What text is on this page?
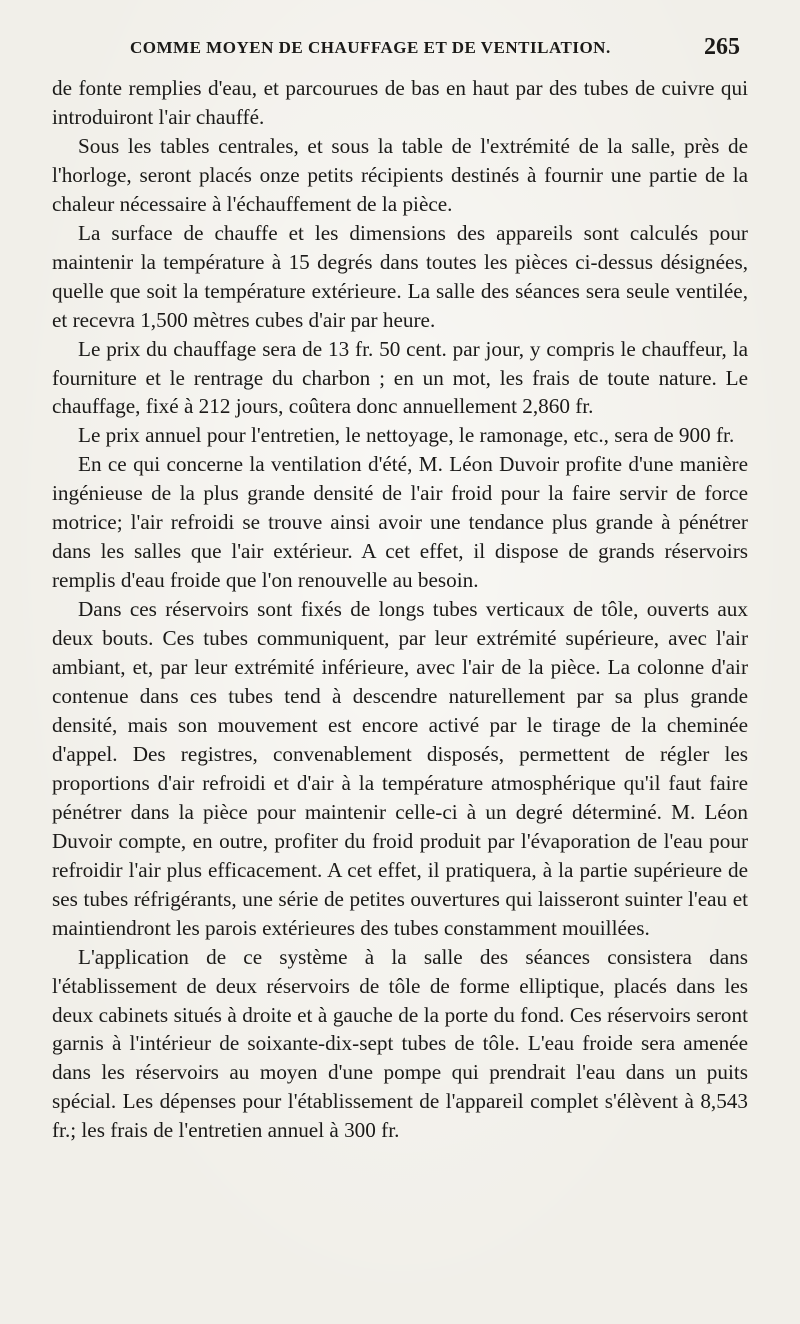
COMME MOYEN DE CHAUFFAGE ET DE VENTILATION.	265

de fonte remplies d'eau, et parcourues de bas en haut par des tubes de cuivre qui introduiront l'air chauffé.

Sous les tables centrales, et sous la table de l'extrémité de la salle, près de l'horloge, seront placés onze petits récipients destinés à fournir une partie de la chaleur nécessaire à l'échauffement de la pièce.

La surface de chauffe et les dimensions des appareils sont calculés pour maintenir la température à 15 degrés dans toutes les pièces ci-dessus désignées, quelle que soit la température extérieure. La salle des séances sera seule ventilée, et recevra 1,500 mètres cubes d'air par heure.

Le prix du chauffage sera de 13 fr. 50 cent. par jour, y compris le chauffeur, la fourniture et le rentrage du charbon ; en un mot, les frais de toute nature. Le chauffage, fixé à 212 jours, coûtera donc annuellement 2,860 fr.

Le prix annuel pour l'entretien, le nettoyage, le ramonage, etc., sera de 900 fr.

En ce qui concerne la ventilation d'été, M. Léon Duvoir profite d'une manière ingénieuse de la plus grande densité de l'air froid pour la faire servir de force motrice; l'air refroidi se trouve ainsi avoir une tendance plus grande à pénétrer dans les salles que l'air extérieur. A cet effet, il dispose de grands réservoirs remplis d'eau froide que l'on renouvelle au besoin.

Dans ces réservoirs sont fixés de longs tubes verticaux de tôle, ouverts aux deux bouts. Ces tubes communiquent, par leur extrémité supérieure, avec l'air ambiant, et, par leur extrémité inférieure, avec l'air de la pièce. La colonne d'air contenue dans ces tubes tend à descendre naturellement par sa plus grande densité, mais son mouvement est encore activé par le tirage de la cheminée d'appel. Des registres, convenablement disposés, permettent de régler les proportions d'air refroidi et d'air à la température atmosphérique qu'il faut faire pénétrer dans la pièce pour maintenir celle-ci à un degré déterminé. M. Léon Duvoir compte, en outre, profiter du froid produit par l'évaporation de l'eau pour refroidir l'air plus efficacement. A cet effet, il pratiquera, à la partie supérieure de ses tubes réfrigérants, une série de petites ouvertures qui laisseront suinter l'eau et maintiendront les parois extérieures des tubes constamment mouillées.

L'application de ce système à la salle des séances consistera dans l'établissement de deux réservoirs de tôle de forme elliptique, placés dans les deux cabinets situés à droite et à gauche de la porte du fond. Ces réservoirs seront garnis à l'intérieur de soixante-dix-sept tubes de tôle. L'eau froide sera amenée dans les réservoirs au moyen d'une pompe qui prendrait l'eau dans un puits spécial. Les dépenses pour l'établissement de l'appareil complet s'élèvent à 8,543 fr.; les frais de l'entretien annuel à 300 fr.
